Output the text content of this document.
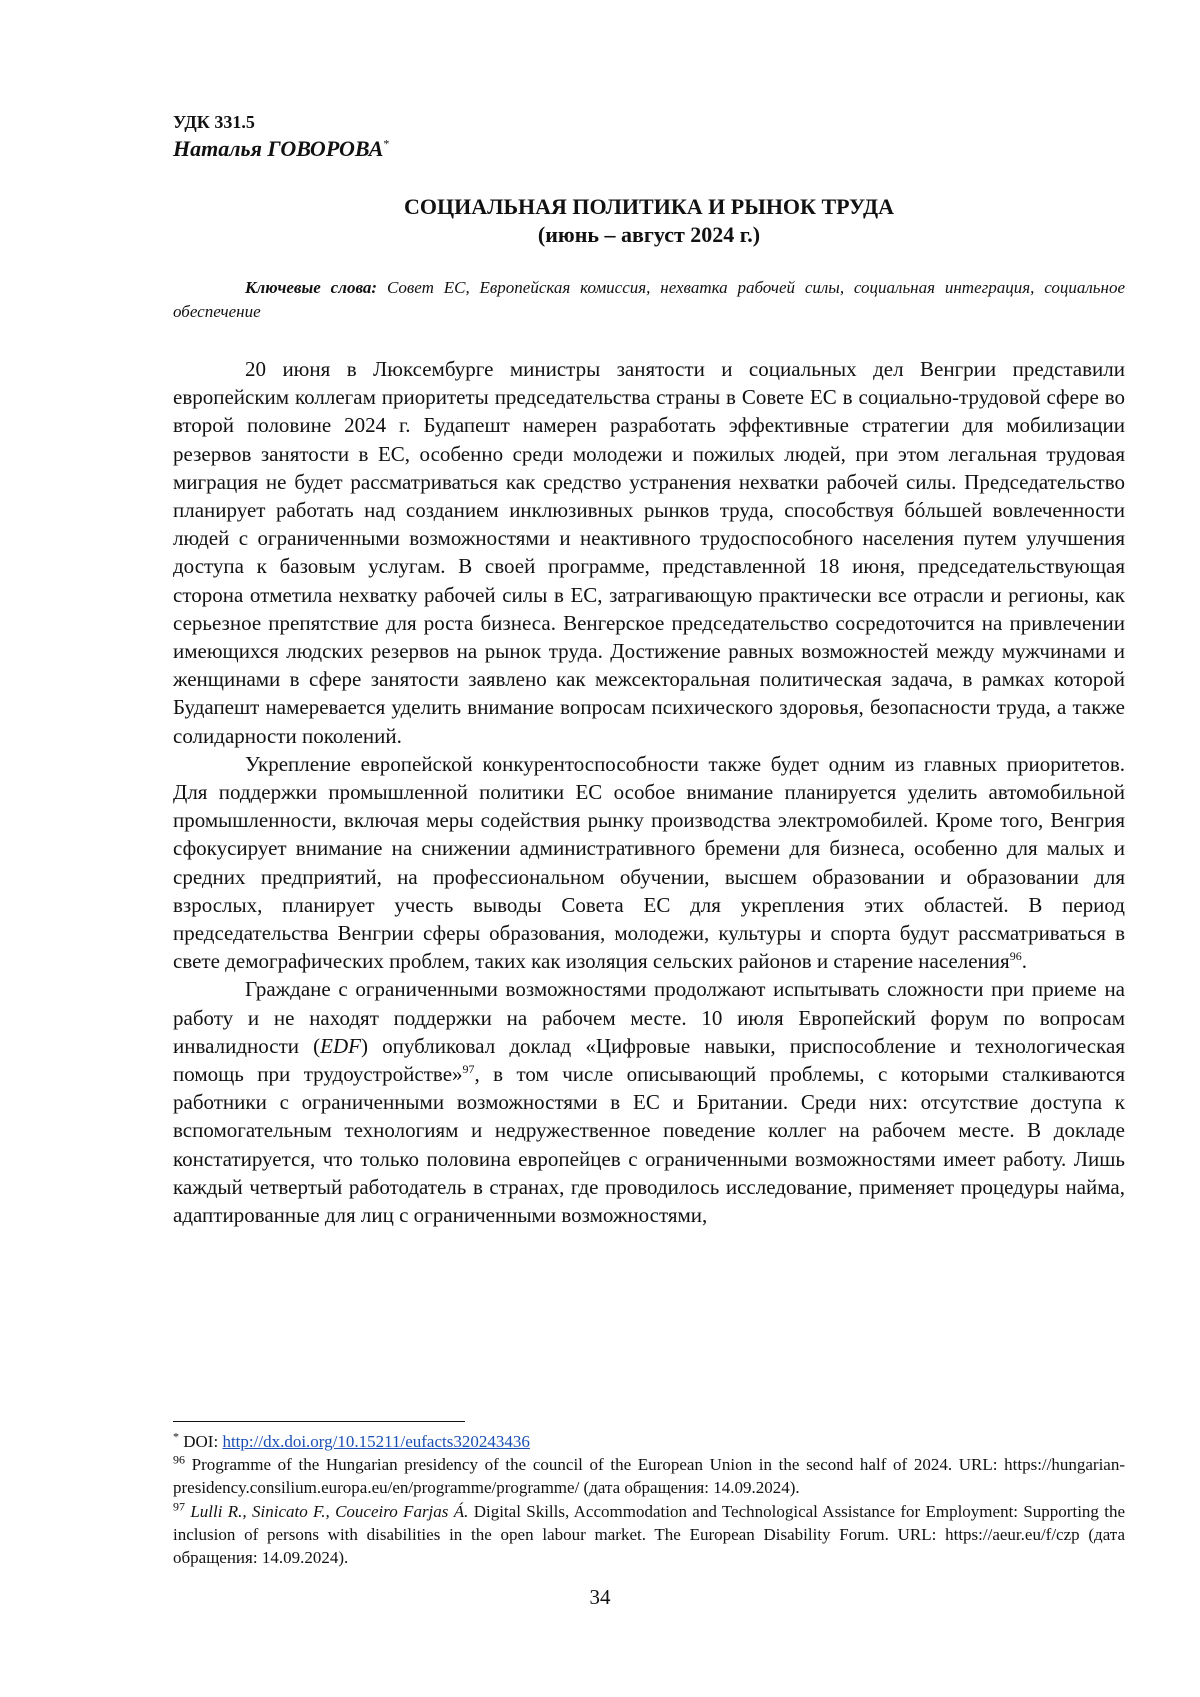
УДК 331.5
Наталья ГОВОРОВА*
СОЦИАЛЬНАЯ ПОЛИТИКА И РЫНОК ТРУДА
(июнь – август 2024 г.)
Ключевые слова: Совет ЕС, Европейская комиссия, нехватка рабочей силы, социальная интеграция, социальное обеспечение

20 июня в Люксембурге министры занятости и социальных дел Венгрии представили европейским коллегам приоритеты председательства страны в Совете ЕС в социально-трудовой сфере во второй половине 2024 г. Будапешт намерен разработать эффективные стратегии для мобилизации резервов занятости в ЕС, особенно среди молодежи и пожилых людей, при этом легальная трудовая миграция не будет рассматриваться как средство устранения нехватки рабочей силы. Председательство планирует работать над созданием инклюзивных рынков труда, способствуя бóльшей вовлеченности людей с ограниченными возможностями и неактивного трудоспособного населения путем улучшения доступа к базовым услугам. В своей программе, представленной 18 июня, председательствующая сторона отметила нехватку рабочей силы в ЕС, затрагивающую практически все отрасли и регионы, как серьезное препятствие для роста бизнеса. Венгерское председательство сосредоточится на привлечении имеющихся людских резервов на рынок труда. Достижение равных возможностей между мужчинами и женщинами в сфере занятости заявлено как межсекторальная политическая задача, в рамках которой Будапешт намеревается уделить внимание вопросам психического здоровья, безопасности труда, а также солидарности поколений.

Укрепление европейской конкурентоспособности также будет одним из главных приоритетов. Для поддержки промышленной политики ЕС особое внимание планируется уделить автомобильной промышленности, включая меры содействия рынку производства электромобилей. Кроме того, Венгрия сфокусирует внимание на снижении административного бремени для бизнеса, особенно для малых и средних предприятий, на профессиональном обучении, высшем образовании и образовании для взрослых, планирует учесть выводы Совета ЕС для укрепления этих областей. В период председательства Венгрии сферы образования, молодежи, культуры и спорта будут рассматриваться в свете демографических проблем, таких как изоляция сельских районов и старение населения$^{96}$.

Граждане с ограниченными возможностями продолжают испытывать сложности при приеме на работу и не находят поддержки на рабочем месте. 10 июля Европейский форум по вопросам инвалидности (EDF) опубликовал доклад «Цифровые навыки, приспособление и технологическая помощь при трудоустройстве»$^{97}$, в том числе описывающий проблемы, с которыми сталкиваются работники с ограниченными возможностями в ЕС и Британии. Среди них: отсутствие доступа к вспомогательным технологиям и недружественное поведение коллег на рабочем месте. В докладе констатируется, что только половина европейцев с ограниченными возможностями имеет работу. Лишь каждый четвертый работодатель в странах, где проводилось исследование, применяет процедуры найма, адаптированные для лиц с ограниченными возможностями,

* DOI: http://dx.doi.org/10.15211/eufacts320243436

$^{96}$ Programme of the Hungarian presidency of the council of the European Union in the second half of 2024. URL: https://hungarian-presidency.consilium.europa.eu/en/programme/programme/ (дата обращения: 14.09.2024).

$^{97}$ Lulli R., Sinicato F., Couceiro Farjas Á. Digital Skills, Accommodation and Technological Assistance for Employment: Supporting the inclusion of persons with disabilities in the open labour market. The European Disability Forum. URL: https://aeur.eu/f/czp (дата обращения: 14.09.2024).

34
